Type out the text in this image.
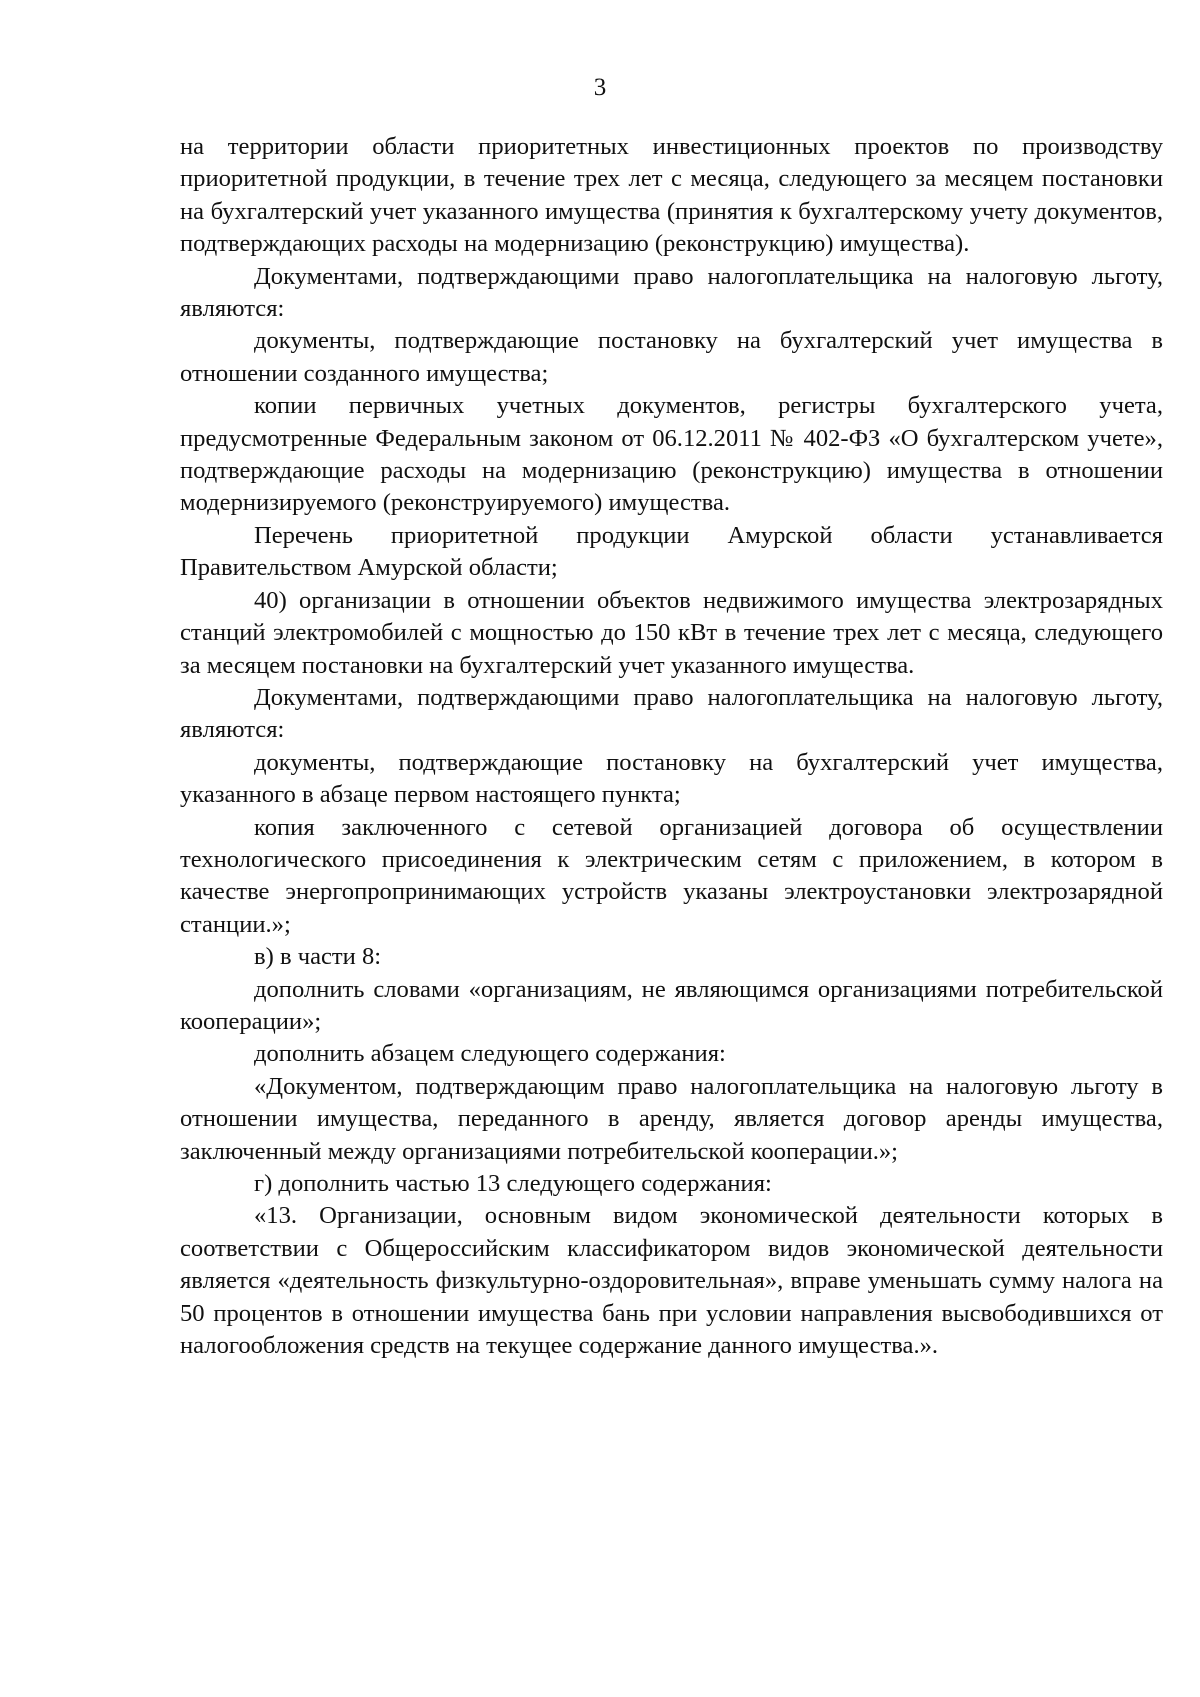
3

на территории области приоритетных инвестиционных проектов по производству приоритетной продукции, в течение трех лет с месяца, следующего за месяцем постановки на бухгалтерский учет указанного имущества (принятия к бухгалтерскому учету документов, подтверждающих расходы на модернизацию (реконструкцию) имущества).

Документами, подтверждающими право налогоплательщика на налоговую льготу, являются:

документы, подтверждающие постановку на бухгалтерский учет имущества в отношении созданного имущества;

копии первичных учетных документов, регистры бухгалтерского учета, предусмотренные Федеральным законом от 06.12.2011 № 402-ФЗ «О бухгалтерском учете», подтверждающие расходы на модернизацию (реконструкцию) имущества в отношении модернизируемого (реконструируемого) имущества.

Перечень приоритетной продукции Амурской области устанавливается Правительством Амурской области;

40) организации в отношении объектов недвижимого имущества электрозарядных станций электромобилей с мощностью до 150 кВт в течение трех лет с месяца, следующего за месяцем постановки на бухгалтерский учет указанного имущества.

Документами, подтверждающими право налогоплательщика на налоговую льготу, являются:

документы, подтверждающие постановку на бухгалтерский учет имущества, указанного в абзаце первом настоящего пункта;

копия заключенного с сетевой организацией договора об осуществлении технологического присоединения к электрическим сетям с приложением, в котором в качестве энергопропринимающих устройств указаны электроустановки электрозарядной станции.»;

в) в части 8:

дополнить словами «организациям, не являющимся организациями потребительской кооперации»;

дополнить абзацем следующего содержания:

«Документом, подтверждающим право налогоплательщика на налоговую льготу в отношении имущества, переданного в аренду, является договор аренды имущества, заключенный между организациями потребительской кооперации.»;

г) дополнить частью 13 следующего содержания:

«13. Организации, основным видом экономической деятельности которых в соответствии с Общероссийским классификатором видов экономической деятельности является «деятельность физкультурно-оздоровительная», вправе уменьшать сумму налога на 50 процентов в отношении имущества бань при условии направления высвободившихся от налогообложения средств на текущее содержание данного имущества.».
